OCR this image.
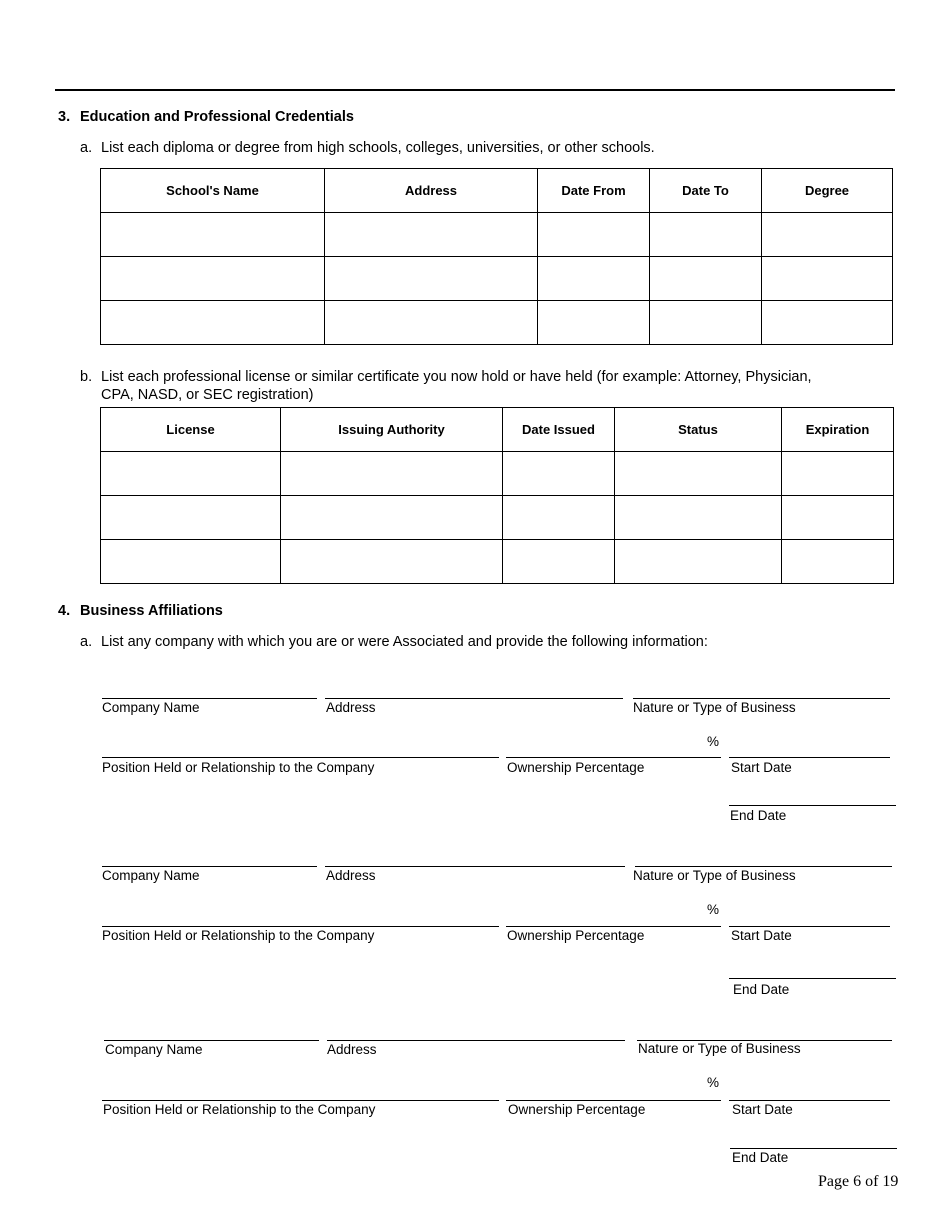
3. Education and Professional Credentials
a. List each diploma or degree from high schools, colleges, universities, or other schools.
School's Name	Address	Date From	Date To	Degree

b. List each professional license or similar certificate you now hold or have held (for example: Attorney, Physician,
CPA, NASD, or SEC registration)
License	Issuing Authority	Date Issued	Status	Expiration

4. Business Affiliations
a. List any company with which you are or were Associated and provide the following information:
Company Name	Address	Nature or Type of Business
%
Position Held or Relationship to the Company	Ownership Percentage	Start Date
End Date
Company Name	Address	Nature or Type of Business
%
Position Held or Relationship to the Company	Ownership Percentage	Start Date
End Date
Company Name	Address	Nature or Type of Business
%
Position Held or Relationship to the Company	Ownership Percentage	Start Date
End Date
Page 6 of 19
